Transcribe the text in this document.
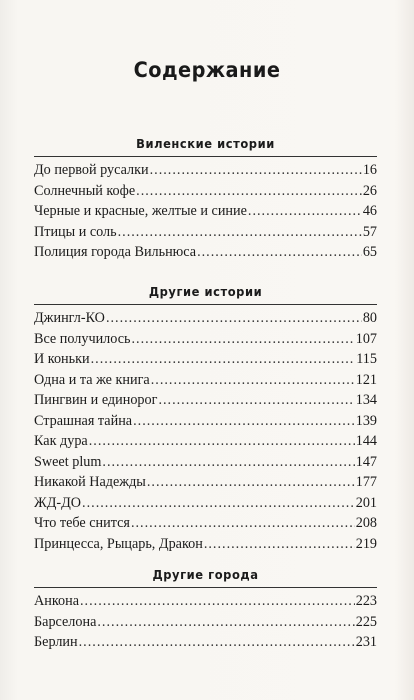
Содержание
Виленские истории
До первой русалки .....	16
Солнечный кофе .....	26
Черные и красные, желтые и синие .....	46
Птицы и соль .....	57
Полиция города Вильнюса .....	65
Другие истории
Джингл-КО .....	80
Все получилось .....	107
И коньки .....	115
Одна и та же книга .....	121
Пингвин и единорог .....	134
Страшная тайна .....	139
Как дура .....	144
Sweet plum .....	147
Никакой Надежды .....	177
ЖД-ДО .....	201
Что тебе снится .....	208
Принцесса, Рыцарь, Дракон .....	219
Другие города
Анкона .....	223
Барселона .....	225
Берлин .....	231
